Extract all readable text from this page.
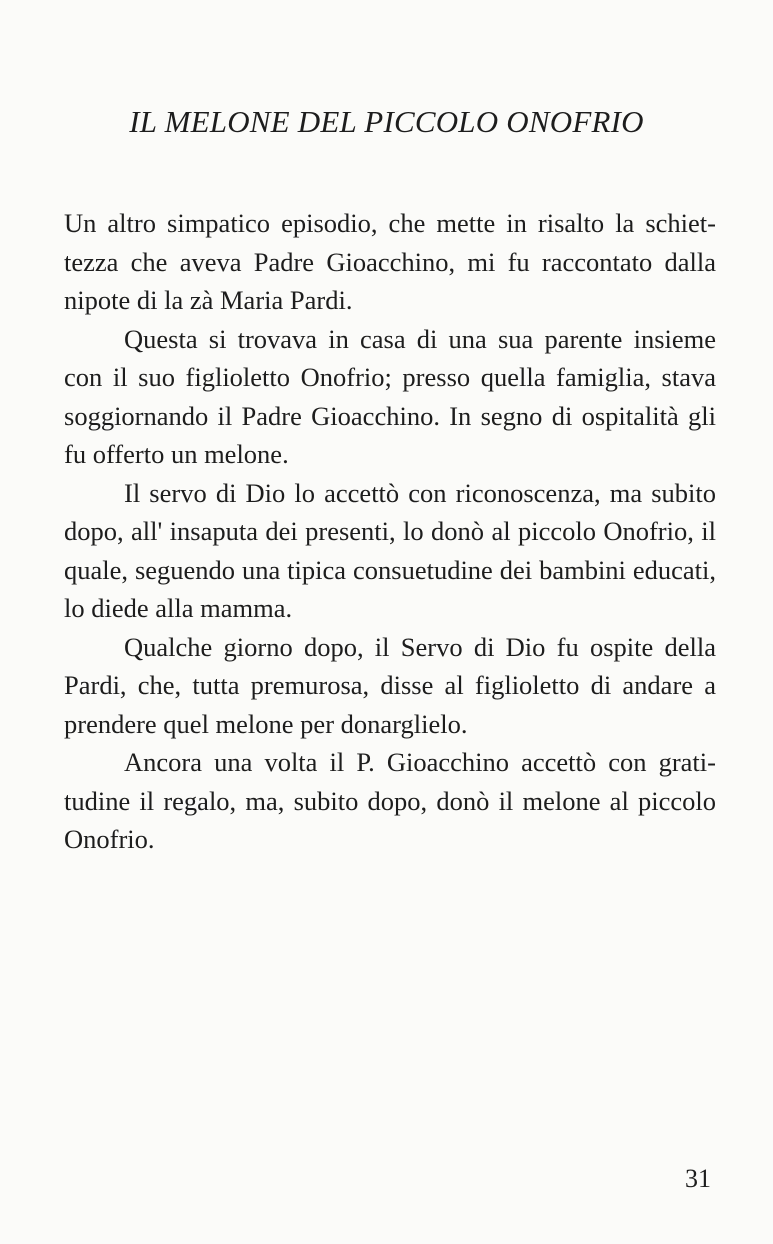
IL MELONE DEL PICCOLO ONOFRIO

Un altro simpatico episodio, che mette in risalto la schiettezza che aveva Padre Gioacchino, mi fu raccontato dalla nipote di la zà Maria Pardi.

Questa si trovava in casa di una sua parente insieme con il suo figlioletto Onofrio; presso quella famiglia, stava soggiornando il Padre Gioacchino. In segno di ospitalità gli fu offerto un melone.

Il servo di Dio lo accettò con riconoscenza, ma subito dopo, all' insaputa dei presenti, lo donò al piccolo Onofrio, il quale, seguendo una tipica consuetudine dei bambini educati, lo diede alla mamma.

Qualche giorno dopo, il Servo di Dio fu ospite della Pardi, che, tutta premurosa, disse al figlioletto di andare a prendere quel melone per donarglielo.

Ancora una volta il P. Gioacchino accettò con gratitudine il regalo, ma, subito dopo, donò il melone al piccolo Onofrio.

31
